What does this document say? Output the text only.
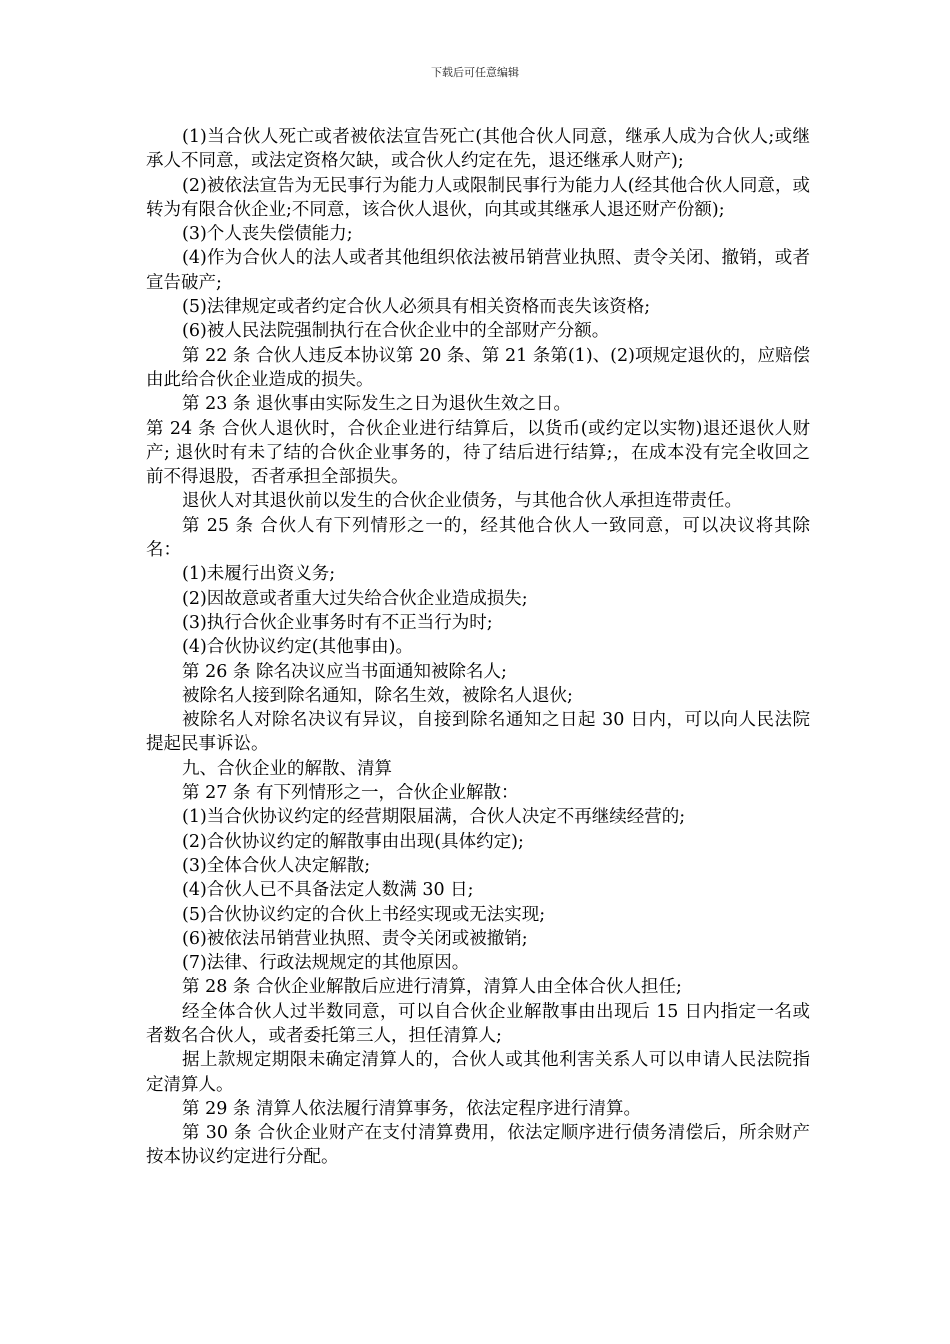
下载后可任意编辑

(1)当合伙人死亡或者被依法宣告死亡(其他合伙人同意，继承人成为合伙人;或继承人不同意，或法定资格欠缺，或合伙人约定在先，退还继承人财产);

(2)被依法宣告为无民事行为能力人或限制民事行为能力人(经其他合伙人同意，或转为有限合伙企业;不同意，该合伙人退伙，向其或其继承人退还财产份额);

(3)个人丧失偿债能力;

(4)作为合伙人的法人或者其他组织依法被吊销营业执照、责令关闭、撤销，或者宣告破产;

(5)法律规定或者约定合伙人必须具有相关资格而丧失该资格;

(6)被人民法院强制执行在合伙企业中的全部财产分额。

第 22 条 合伙人违反本协议第 20 条、第 21 条第(1)、(2)项规定退伙的，应赔偿由此给合伙企业造成的损失。

第 23 条 退伙事由实际发生之日为退伙生效之日。

第 24 条 合伙人退伙时，合伙企业进行结算后，以货币(或约定以实物)退还退伙人财产; 退伙时有未了结的合伙企业事务的，待了结后进行结算;，在成本没有完全收回之前不得退股，否者承担全部损失。

退伙人对其退伙前以发生的合伙企业债务，与其他合伙人承担连带责任。

第 25 条 合伙人有下列情形之一的，经其他合伙人一致同意，可以决议将其除名：

(1)未履行出资义务;

(2)因故意或者重大过失给合伙企业造成损失;

(3)执行合伙企业事务时有不正当行为时;

(4)合伙协议约定(其他事由)。

第 26 条 除名决议应当书面通知被除名人;

被除名人接到除名通知，除名生效，被除名人退伙;

被除名人对除名决议有异议，自接到除名通知之日起 30 日内，可以向人民法院提起民事诉讼。

九、合伙企业的解散、清算

第 27 条 有下列情形之一，合伙企业解散：

(1)当合伙协议约定的经营期限届满，合伙人决定不再继续经营的;

(2)合伙协议约定的解散事由出现(具体约定);

(3)全体合伙人决定解散;

(4)合伙人已不具备法定人数满 30 日;

(5)合伙协议约定的合伙上书经实现或无法实现;

(6)被依法吊销营业执照、责令关闭或被撤销;

(7)法律、行政法规规定的其他原因。

第 28 条 合伙企业解散后应进行清算，清算人由全体合伙人担任;

经全体合伙人过半数同意，可以自合伙企业解散事由出现后 15 日内指定一名或者数名合伙人，或者委托第三人，担任清算人;

据上款规定期限未确定清算人的，合伙人或其他利害关系人可以申请人民法院指定清算人。

第 29 条 清算人依法履行清算事务，依法定程序进行清算。

第 30 条 合伙企业财产在支付清算费用，依法定顺序进行债务清偿后，所余财产按本协议约定进行分配。
